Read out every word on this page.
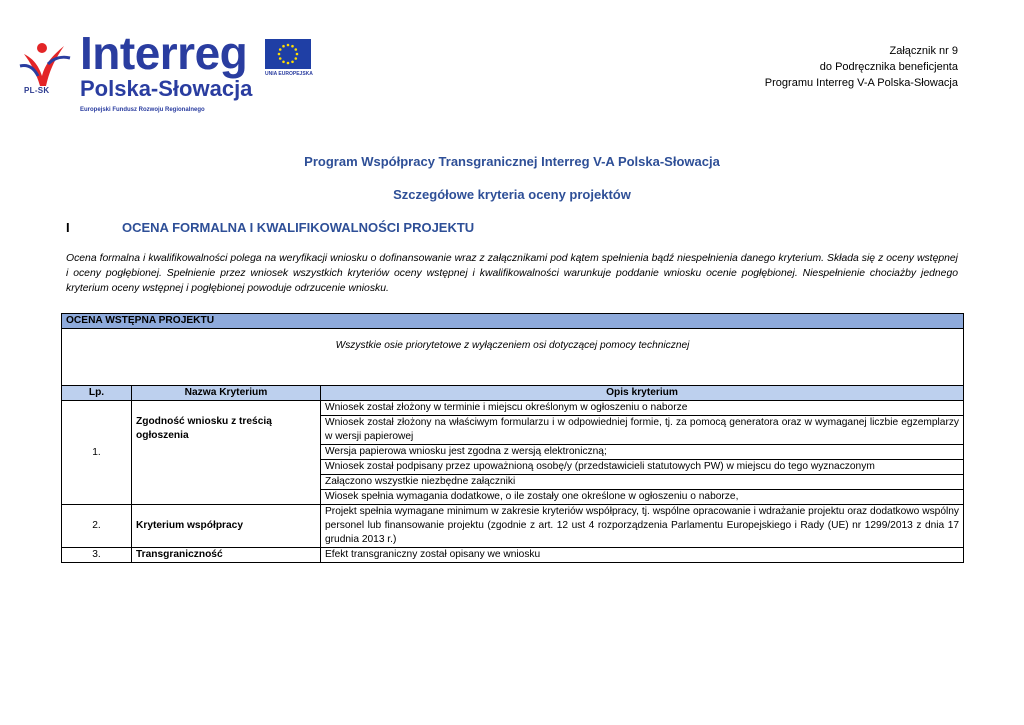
PL-SK
Interreg
Polska-Słowacja
Europejski Fundusz Rozwoju Regionalnego
UNIA EUROPEJSKA
Załącznik nr 9
do Podręcznika beneficjenta
Programu Interreg V-A Polska-Słowacja
Program Współpracy Transgranicznej Interreg V-A Polska-Słowacja
Szczegółowe kryteria oceny projektów
I	OCENA FORMALNA I KWALIFIKOWALNOŚCI PROJEKTU
Ocena formalna i kwalifikowalności polega na weryfikacji wniosku o dofinansowanie wraz z załącznikami pod kątem spełnienia bądź niespełnienia danego kryterium. Składa się z oceny wstępnej i oceny pogłębionej. Spełnienie przez wniosek wszystkich kryteriów oceny wstępnej i kwalifikowalności warunkuje poddanie wniosku ocenie pogłębionej. Niespełnienie chociażby jednego kryterium oceny wstępnej i pogłębionej powoduje odrzucenie wniosku.
OCENA WSTĘPNA PROJEKTU		
Wszystkie osie priorytetowe z wyłączeniem osi dotyczącej pomocy technicznej		
Lp.	Nazwa Kryterium	Opis kryterium
1.	Zgodność wniosku z treścią ogłoszenia	Wniosek został złożony w terminie i miejscu określonym w ogłoszeniu o naborze
		Wniosek został złożony na właściwym formularzu i w odpowiedniej formie, tj. za pomocą generatora oraz w wymaganej liczbie egzemplarzy w wersji papierowej
		Wersja papierowa wniosku jest zgodna z wersją elektroniczną;
		Wniosek został podpisany przez upoważnioną osobę/y (przedstawicieli statutowych PW) w miejscu do tego wyznaczonym
		Załączono wszystkie niezbędne załączniki
		Wiosek spełnia wymagania dodatkowe, o ile zostały one określone w ogłoszeniu o naborze,
2.	Kryterium współpracy	Projekt spełnia wymagane minimum w zakresie kryteriów współpracy, tj. wspólne opracowanie i wdrażanie projektu oraz dodatkowo wspólny personel lub finansowanie projektu (zgodnie z art. 12 ust 4 rozporządzenia Parlamentu Europejskiego i Rady (UE) nr 1299/2013 z dnia 17 grudnia 2013 r.)
3.	Transgraniczność	Efekt transgraniczny został opisany we wniosku
